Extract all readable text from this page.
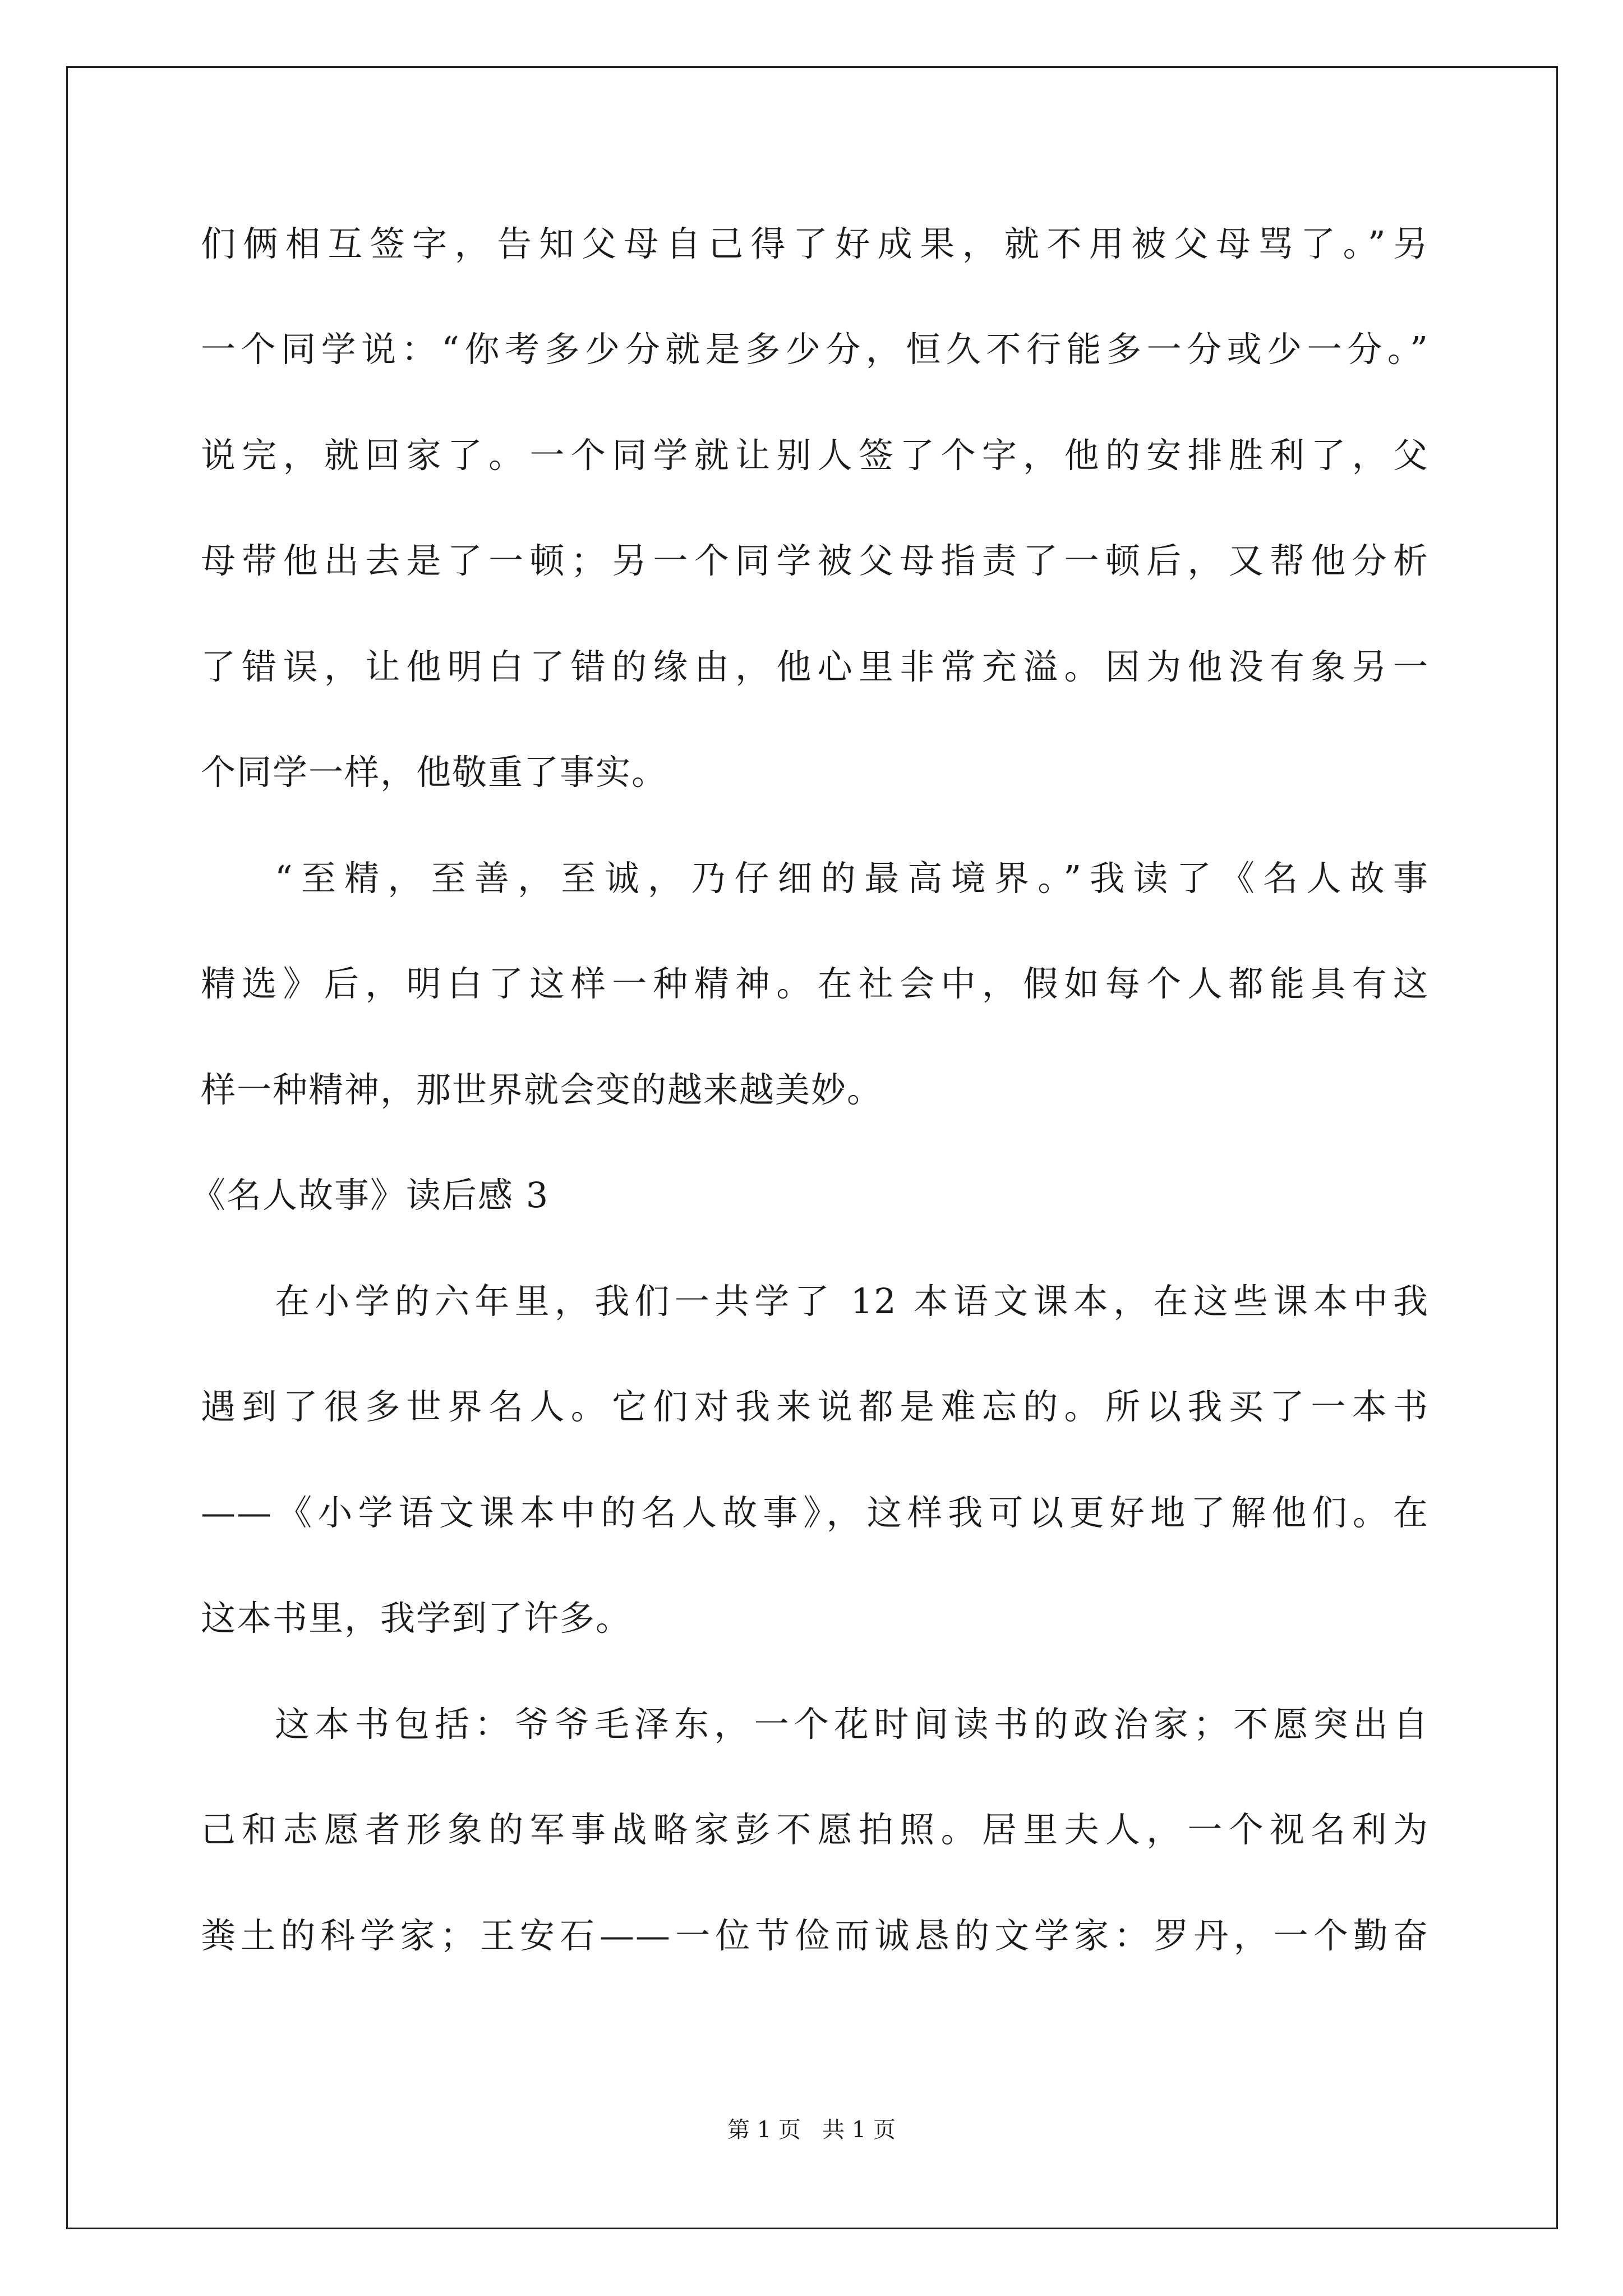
们俩相互签字，告知父母自己得了好成果，就不用被父母骂了。”另
一个同学说：“你考多少分就是多少分，恒久不行能多一分或少一分。”
说完，就回家了。一个同学就让别人签了个字，他的安排胜利了，父
母带他出去是了一顿；另一个同学被父母指责了一顿后，又帮他分析
了错误，让他明白了错的缘由，他心里非常充溢。因为他没有象另一
个同学一样，他敬重了事实。
“至精，至善，至诚，乃仔细的最高境界。”我读了《名人故事
精选》后，明白了这样一种精神。在社会中，假如每个人都能具有这
样一种精神，那世界就会变的越来越美妙。
《名人故事》读后感 3
在小学的六年里，我们一共学了 12 本语文课本，在这些课本中我
遇到了很多世界名人。它们对我来说都是难忘的。所以我买了一本书
——《小学语文课本中的名人故事》，这样我可以更好地了解他们。在
这本书里，我学到了许多。
这本书包括：爷爷毛泽东，一个花时间读书的政治家；不愿突出自
己和志愿者形象的军事战略家彭不愿拍照。居里夫人，一个视名利为
粪土的科学家；王安石——一位节俭而诚恳的文学家：罗丹，一个勤奋
第 1 页   共 1 页
